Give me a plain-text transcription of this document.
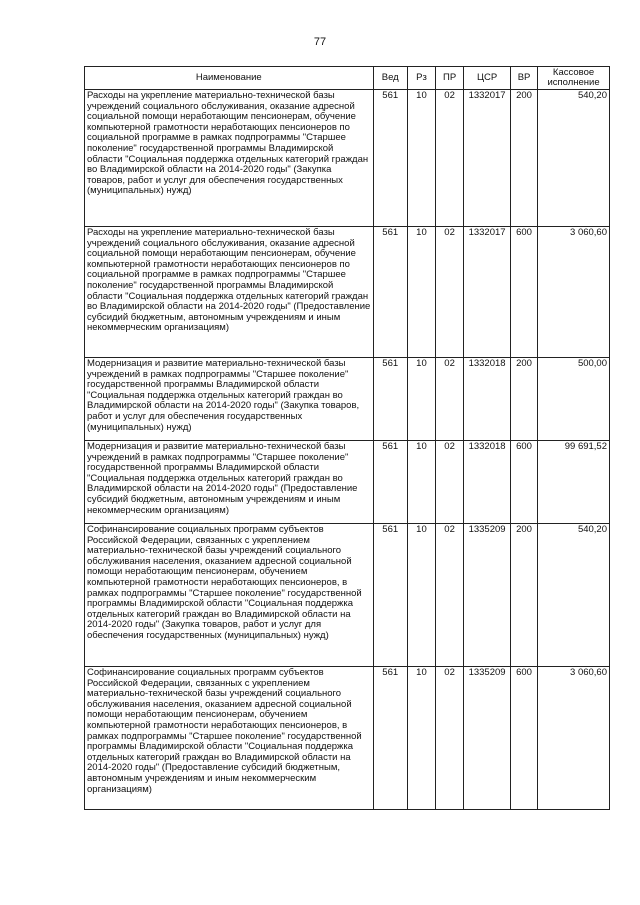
77
Наименование	Вед	Рз	ПР	ЦСР	ВР	Кассовое исполнение
Расходы на укрепление материально-технической базы учреждений социального обслуживания, оказание адресной социальной помощи неработающим пенсионерам, обучение компьютерной грамотности неработающих пенсионеров по социальной программе в рамках подпрограммы "Старшее поколение" государственной программы Владимирской области "Социальная поддержка отдельных категорий граждан во Владимирской области на 2014-2020 годы" (Закупка товаров, работ и услуг для обеспечения государственных (муниципальных) нужд)	561	10	02	1332017	200	540,20
Расходы на укрепление материально-технической базы учреждений социального обслуживания, оказание адресной социальной помощи неработающим пенсионерам, обучение компьютерной грамотности неработающих пенсионеров по социальной программе в рамках подпрограммы "Старшее поколение" государственной программы Владимирской области "Социальная поддержка отдельных категорий граждан во Владимирской области на 2014-2020 годы" (Предоставление субсидий бюджетным, автономным учреждениям и иным некоммерческим организациям)	561	10	02	1332017	600	3 060,60
Модернизация и развитие материально-технической базы учреждений в рамках подпрограммы "Старшее поколение" государственной программы Владимирской области "Социальная поддержка отдельных категорий граждан во Владимирской области на 2014-2020 годы" (Закупка товаров, работ и услуг для обеспечения государственных (муниципальных) нужд)	561	10	02	1332018	200	500,00
Модернизация и развитие материально-технической базы учреждений в рамках подпрограммы "Старшее поколение" государственной программы Владимирской области "Социальная поддержка отдельных категорий граждан во Владимирской области на 2014-2020 годы" (Предоставление субсидий бюджетным, автономным учреждениям и иным некоммерческим организациям)	561	10	02	1332018	600	99 691,52
Софинансирование социальных программ субъектов Российской Федерации, связанных с укреплением материально-технической базы учреждений социального обслуживания населения, оказанием адресной социальной помощи неработающим пенсионерам, обучением компьютерной грамотности неработающих пенсионеров, в рамках подпрограммы "Старшее поколение" государственной программы Владимирской области "Социальная поддержка отдельных категорий граждан во Владимирской области на 2014-2020 годы" (Закупка товаров, работ и услуг для обеспечения государственных (муниципальных) нужд)	561	10	02	1335209	200	540,20
Софинансирование социальных программ субъектов Российской Федерации, связанных с укреплением материально-технической базы учреждений социального обслуживания населения, оказанием адресной социальной помощи неработающим пенсионерам, обучением компьютерной грамотности неработающих пенсионеров, в рамках подпрограммы "Старшее поколение" государственной программы Владимирской области "Социальная поддержка отдельных категорий граждан во Владимирской области на 2014-2020 годы" (Предоставление субсидий бюджетным, автономным учреждениям и иным некоммерческим организациям)	561	10	02	1335209	600	3 060,60
